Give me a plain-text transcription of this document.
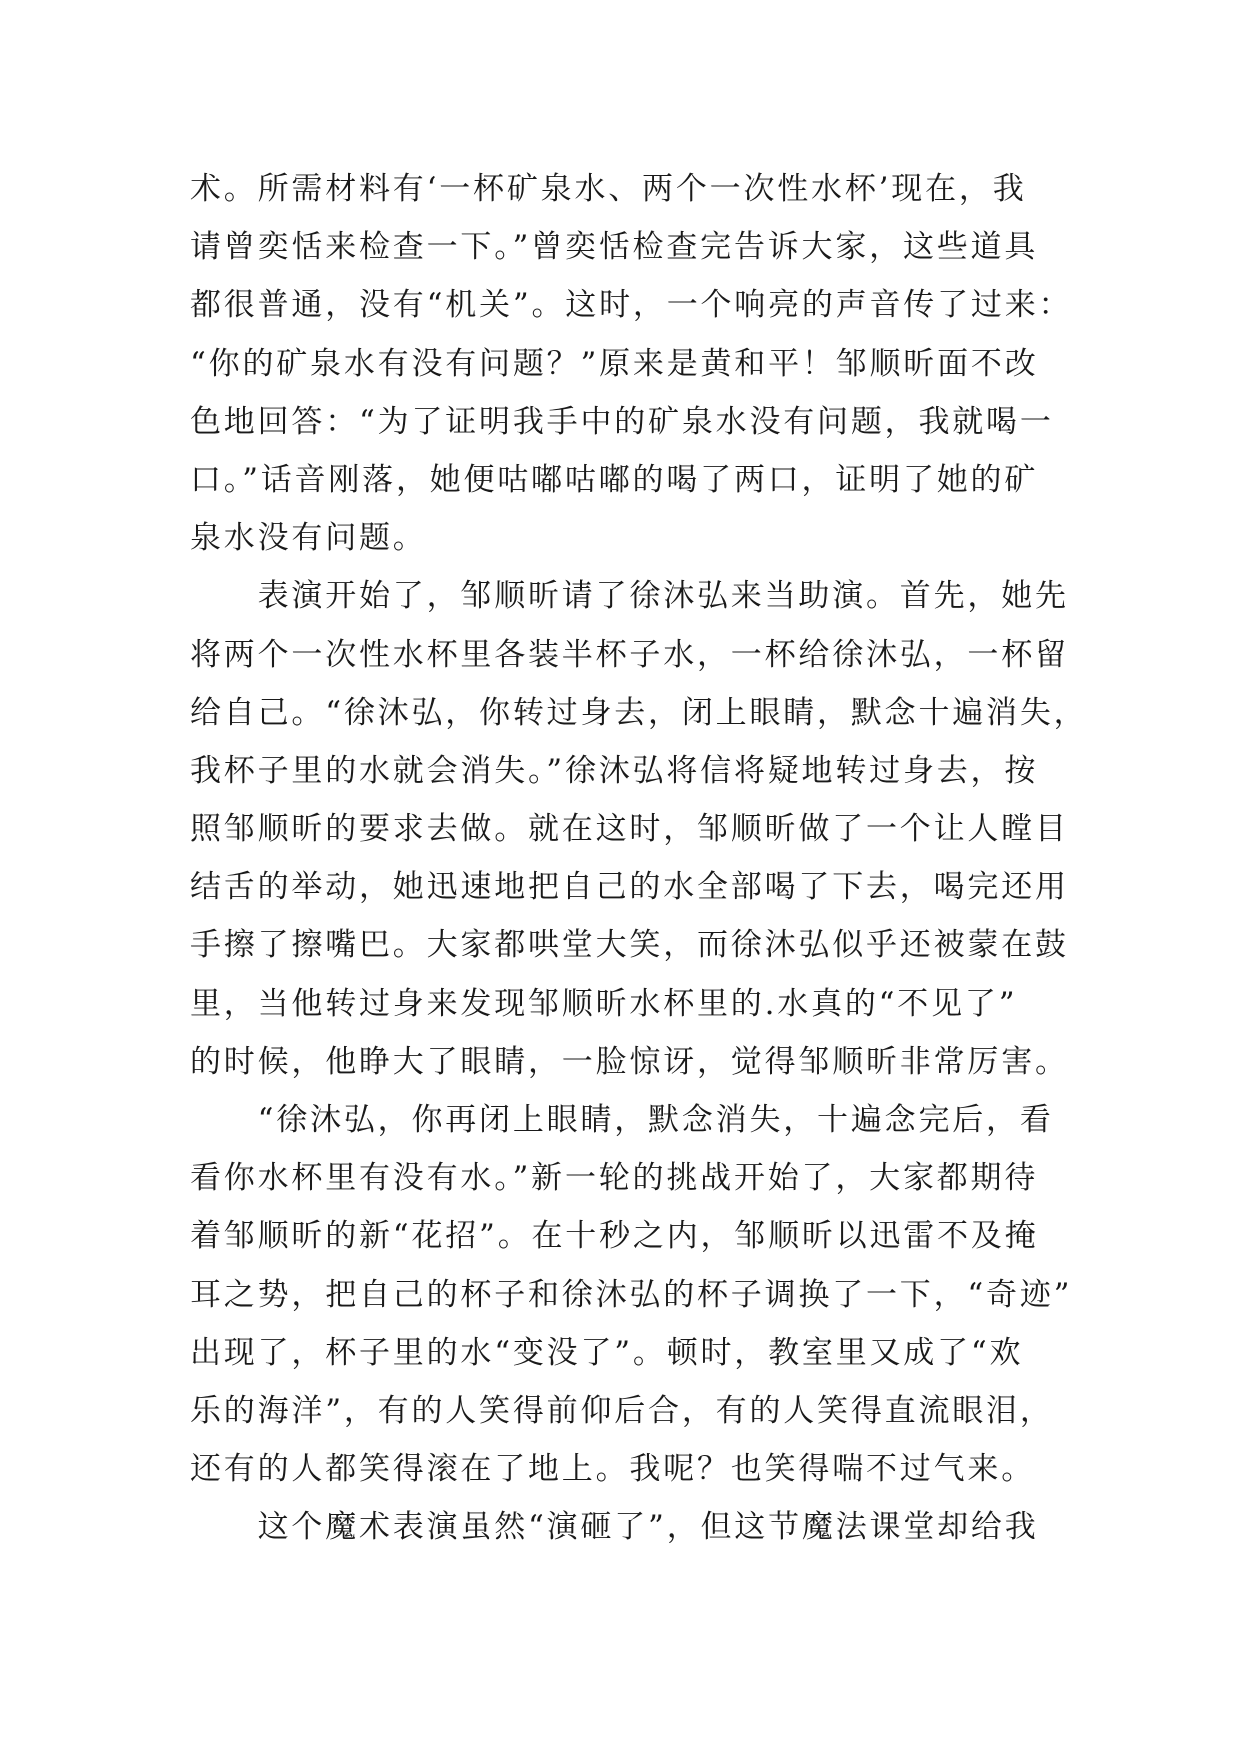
术。所需材料有‘一杯矿泉水、两个一次性水杯’现在，我
请曾奕恬来检查一下。”曾奕恬检查完告诉大家，这些道具
都很普通，没有“机关”。这时，一个响亮的声音传了过来：
“你的矿泉水有没有问题？”原来是黄和平！邹顺昕面不改
色地回答：“为了证明我手中的矿泉水没有问题，我就喝一
口。”话音刚落，她便咕嘟咕嘟的喝了两口，证明了她的矿
泉水没有问题。
　　表演开始了，邹顺昕请了徐沐弘来当助演。首先，她先
将两个一次性水杯里各装半杯子水，一杯给徐沐弘，一杯留
给自己。“徐沐弘，你转过身去，闭上眼睛，默念十遍消失，
我杯子里的水就会消失。”徐沐弘将信将疑地转过身去，按
照邹顺昕的要求去做。就在这时，邹顺昕做了一个让人瞠目
结舌的举动，她迅速地把自己的水全部喝了下去，喝完还用
手擦了擦嘴巴。大家都哄堂大笑，而徐沐弘似乎还被蒙在鼓
里，当他转过身来发现邹顺昕水杯里的.水真的“不见了”
的时候，他睁大了眼睛，一脸惊讶，觉得邹顺昕非常厉害。
　　“徐沐弘，你再闭上眼睛，默念消失，十遍念完后，看
看你水杯里有没有水。”新一轮的挑战开始了，大家都期待
着邹顺昕的新“花招”。在十秒之内，邹顺昕以迅雷不及掩
耳之势，把自己的杯子和徐沐弘的杯子调换了一下，“奇迹”
出现了，杯子里的水“变没了”。顿时，教室里又成了“欢
乐的海洋”，有的人笑得前仰后合，有的人笑得直流眼泪，
还有的人都笑得滚在了地上。我呢？也笑得喘不过气来。
　　这个魔术表演虽然“演砸了”，但这节魔法课堂却给我
